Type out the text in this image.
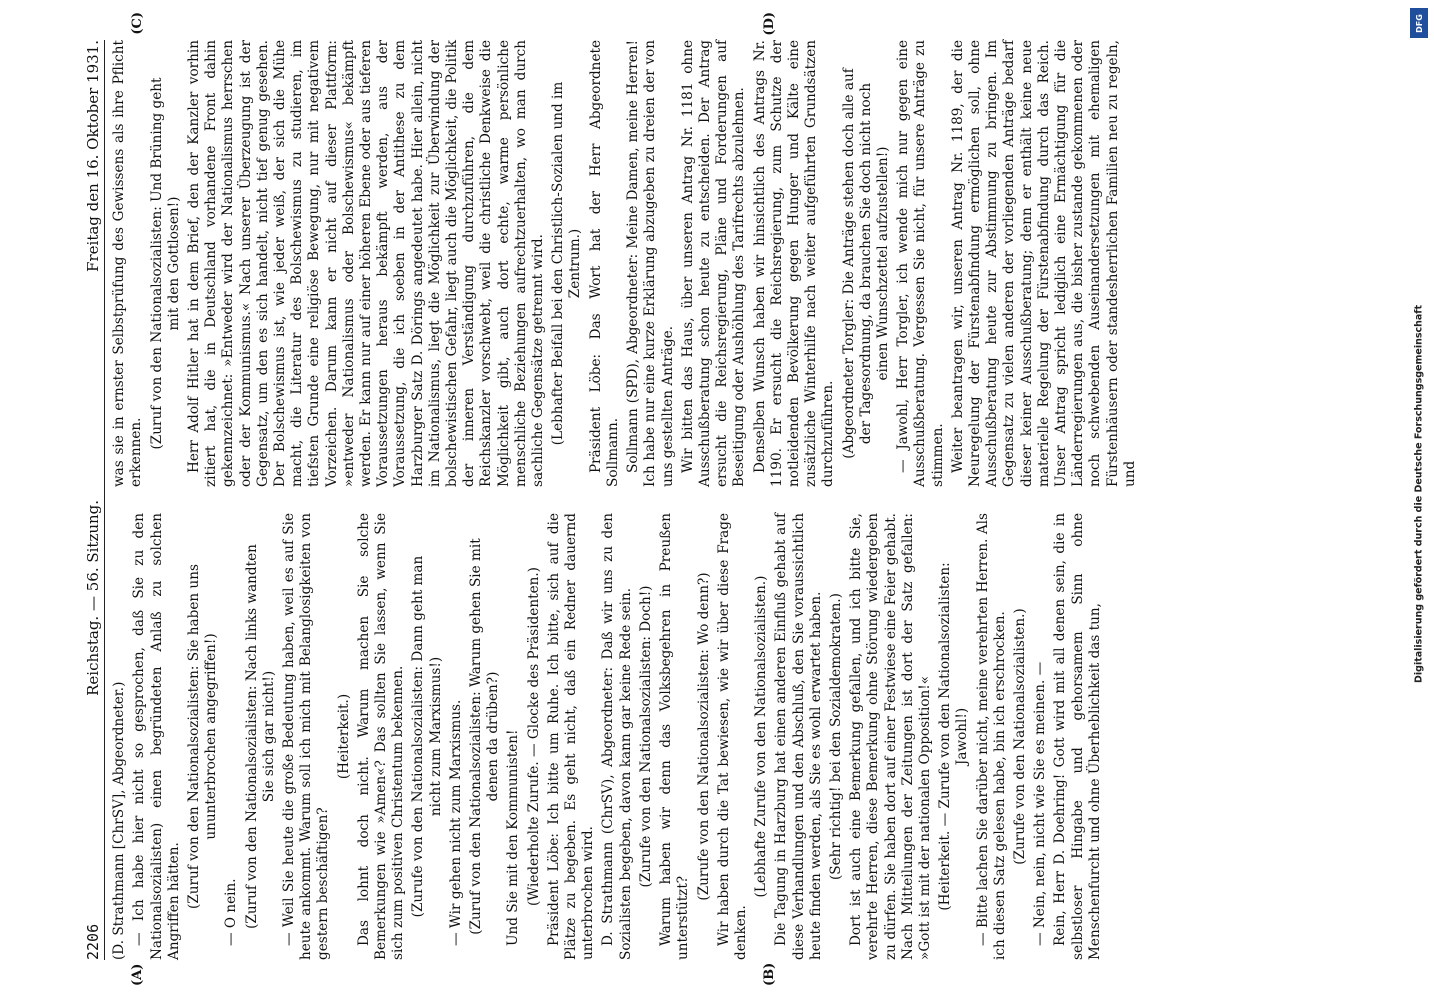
2206
Reichstag. — 56. Sitzung.
Freitag den 16. Oktober 1931.
(A)	(B)
(C)	(D)

(D. Strathmann [ChrSV], Abgeordneter.) — Ich habe hier nicht so gesprochen, daß Sie zu den Nationalsozialisten) einen begründeten Anlaß zu solchen Angriffen hätten. (Zuruf von den Nationalsozialisten: Sie haben uns ununterbrochen angegriffen!)

— O nein. (Zuruf von den Nationalsozialisten: Nach links wandten Sie sich gar nicht!) — Weil Sie heute die große Bedeutung haben, weil es auf Sie heute ankommt. Warum soll ich mich mit Belanglosigkeiten von gestern beschäftigen?

(Heiterkeit.) Das lohnt doch nicht. Warum machen Sie solche Bemerkungen wie »Amen«? Das sollten Sie lassen, wenn Sie sich zum positiven Christentum bekennen. (Zurufe von den Nationalsozialisten: Dann geht man nicht zum Marxismus!) — Wir gehen nicht zum Marxismus. (Zuruf von den Nationalsozialisten: Warum gehen Sie mit denen da drüben?) Und Sie mit den Kommunisten! (Wiederholte Zurufe. — Glocke des Präsidenten.) Präsident Löbe: Ich bitte um Ruhe. Ich bitte, sich auf die Plätze zu begeben. Es geht nicht, daß ein Redner dauernd unterbrochen wird. D. Strathmann (ChrSV), Abgeordneter: Daß wir uns zu den Sozialisten begeben, davon kann gar keine Rede sein. (Zurufe von den Nationalsozialisten: Doch!) Warum haben wir denn das Volksbegehren in Preußen unterstützt?

(Zurufe von den Nationalsozialisten: Wo denn?) Wir haben durch die Tat bewiesen, wie wir über diese Frage denken.

(Lebhafte Zurufe von den Nationalsozialisten.) Die Tagung in Harzburg hat einen anderen Einfluß gehabt auf diese Verhandlungen und den Abschluß, den Sie voraussichtlich heute finden werden, als Sie es wohl erwartet haben. (Sehr richtig! bei den Sozialdemokraten.) Dort ist auch eine Bemerkung gefallen, und ich bitte Sie, verehrte Herren, diese Bemerkung ohne Störung wiedergeben zu dürfen. Sie haben dort auf einer Festwiese eine Feier gehabt. Nach Mitteilungen der Zeitungen ist dort der Satz gefallen: »Gott ist mit der nationalen Opposition!« (Heiterkeit. — Zurufe von den Nationalsozialisten: Jawohl!) — Bitte lachen Sie darüber nicht, meine verehrten Herren. Als ich diesen Satz gelesen habe, bin ich erschrocken. (Zurufe von den Nationalsozialisten.) — Nein, nein, nicht wie Sie es meinen. — Rein, Herr D. Doehring! Gott wird mit all denen sein, die in selbstloser Hingabe und gehorsamem Sinn ohne Menschenfurcht und ohne Überheblichkeit das tun,

was sie in ernster Selbstprüfung des Gewissens als ihre Pflicht erkennen.

(Zuruf von den Nationalsozialisten: Und Brüning geht mit den Gottlosen!) Herr Adolf Hitler hat in dem Brief, den der Kanzler vorhin zitiert hat, die in Deutschland vorhandene Front dahin gekennzeichnet: »Entweder wird der Nationalismus herrschen oder der Kommunismus.« Nach unserer Überzeugung ist der Gegensatz, um den es sich handelt, nicht tief genug gesehen. Der Bolschewismus ist, wie jeder weiß, der sich die Mühe macht, die Literatur des Bolschewismus zu studieren, im tiefsten Grunde eine religiöse Bewegung, nur mit negativem Vorzeichen. Darum kann er nicht auf dieser Plattform: »entweder Nationalismus oder Bolschewismus« bekämpft werden. Er kann nur auf einer höheren Ebene oder aus tieferen Voraussetzungen heraus bekämpft werden, aus der Voraussetzung, die ich soeben in der Antithese zu dem Harzburger Satz D. Dörings angedeutet habe. Hier allein, nicht im Nationalismus, liegt die Möglichkeit zur Überwindung der bolschewistischen Gefahr, liegt auch die Möglichkeit, die Politik der inneren Verständigung durchzuführen, die dem Reichskanzler vorschwebt, weil die christliche Denkweise die Möglichkeit gibt, auch dort echte, warme persönliche menschliche Beziehungen aufrechtzuerhalten, wo man durch sachliche Gegensätze getrennt wird. (Lebhafter Beifall bei den Christlich-Sozialen und im Zentrum.) Präsident Löbe: Das Wort hat der Herr Abgeordnete Sollmann. Sollmann (SPD), Abgeordneter: Meine Damen, meine Herren! Ich habe nur eine kurze Erklärung abzugeben zu dreien der von uns gestellten Anträge. Wir bitten das Haus, über unseren Antrag Nr. 1181 ohne Ausschußberatung schon heute zu entscheiden. Der Antrag ersucht die Reichsregierung, Pläne und Forderungen auf Beseitigung oder Aushöhlung des Tarifrechts abzulehnen. Denselben Wunsch haben wir hinsichtlich des Antrags Nr. 1190. Er ersucht die Reichsregierung, zum Schutze der notleidenden Bevölkerung gegen Hunger und Kälte eine zusätzliche Winterhilfe nach weiter aufgeführten Grundsätzen durchzuführen. (Abgeordneter Torgler: Die Anträge stehen doch alle auf der Tagesordnung, da brauchen Sie doch nicht noch einen Wunschzettel aufzustellen!) — Jawohl, Herr Torgler, ich wende mich nur gegen eine Ausschußberatung. Vergessen Sie nicht, für unsere Anträge zu stimmen. Weiter beantragen wir, unseren Antrag Nr. 1189, der die Neuregelung der Fürstenabfindung ermöglichen soll, ohne Ausschußberatung heute zur Abstimmung zu bringen. Im Gegensatz zu vielen anderen der vorliegenden Anträge bedarf dieser keiner Ausschußberatung; denn er enthält keine neue materielle Regelung der Fürstenabfindung durch das Reich. Unser Antrag spricht lediglich eine Ermächtigung für die Länderregierungen aus, die bisher zustande gekommenen oder noch schwebenden Auseinandersetzungen mit ehemaligen Fürstenhäusern oder standesherrlichen Familien neu zu regeln, und

DFG
Digitalisierung gefördert durch die Deutsche Forschungsgemeinschaft
